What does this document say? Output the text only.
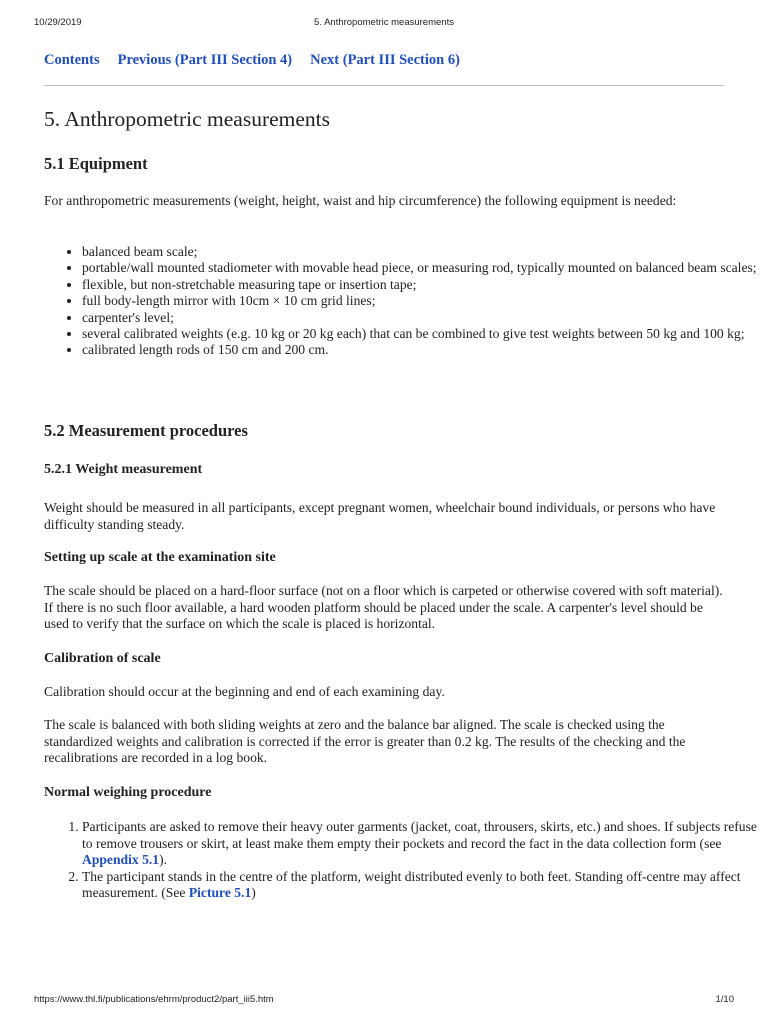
10/29/2019	5. Anthropometric measurements
Contents Previous (Part III Section 4) Next (Part III Section 6)
5. Anthropometric measurements
5.1 Equipment

For anthropometric measurements (weight, height, waist and hip circumference) the following equipment is needed:

• balanced beam scale;
• portable/wall mounted stadiometer with movable head piece, or measuring rod, typically mounted on balanced beam scales;
• flexible, but non-stretchable measuring tape or insertion tape;
• full body-length mirror with 10cm × 10 cm grid lines;
• carpenter's level;
• several calibrated weights (e.g. 10 kg or 20 kg each) that can be combined to give test weights between 50 kg and 100 kg;
• calibrated length rods of 150 cm and 200 cm.
5.2 Measurement procedures
5.2.1 Weight measurement

Weight should be measured in all participants, except pregnant women, wheelchair bound individuals, or persons who have difficulty standing steady.

Setting up scale at the examination site

The scale should be placed on a hard-floor surface (not on a floor which is carpeted or otherwise covered with soft material). If there is no such floor available, a hard wooden platform should be placed under the scale. A carpenter's level should be used to verify that the surface on which the scale is placed is horizontal.

Calibration of scale

Calibration should occur at the beginning and end of each examining day.

The scale is balanced with both sliding weights at zero and the balance bar aligned. The scale is checked using the standardized weights and calibration is corrected if the error is greater than 0.2 kg. The results of the checking and the recalibrations are recorded in a log book.

Normal weighing procedure
1. Participants are asked to remove their heavy outer garments (jacket, coat, throusers, skirts, etc.) and shoes. If subjects refuse to remove trousers or skirt, at least make them empty their pockets and record the fact in the data collection form (see Appendix 5.1).
2. The participant stands in the centre of the platform, weight distributed evenly to both feet. Standing off-centre may affect measurement. (See Picture 5.1)
https://www.thl.fi/publications/ehrm/product2/part_iii5.htm	1/10
